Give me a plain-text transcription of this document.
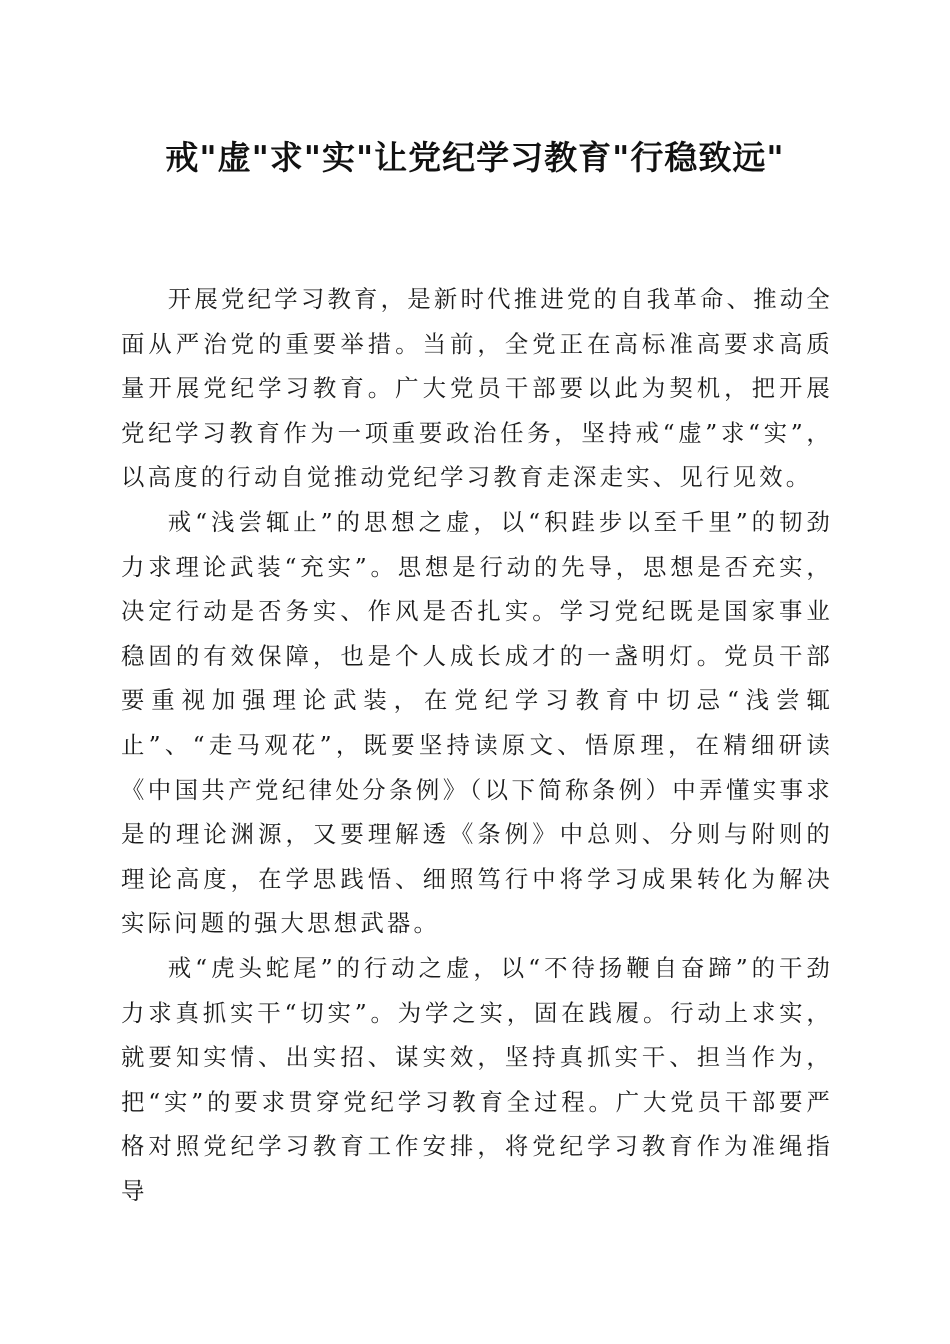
戒"虚"求"实"让党纪学习教育"行稳致远"

开展党纪学习教育，是新时代推进党的自我革命、推动全面从严治党的重要举措。当前，全党正在高标准高要求高质量开展党纪学习教育。广大党员干部要以此为契机，把开展党纪学习教育作为一项重要政治任务，坚持戒“虚”求“实”，以高度的行动自觉推动党纪学习教育走深走实、见行见效。

戒“浅尝辄止”的思想之虚，以“积跬步以至千里”的韧劲力求理论武装“充实”。思想是行动的先导，思想是否充实，决定行动是否务实、作风是否扎实。学习党纪既是国家事业稳固的有效保障，也是个人成长成才的一盏明灯。党员干部要重视加强理论武装，在党纪学习教育中切忌“浅尝辄止”、“走马观花”，既要坚持读原文、悟原理，在精细研读《中国共产党纪律处分条例》（以下简称条例）中弄懂实事求是的理论渊源，又要理解透《条例》中总则、分则与附则的理论高度，在学思践悟、细照笃行中将学习成果转化为解决实际问题的强大思想武器。

戒“虎头蛇尾”的行动之虚，以“不待扬鞭自奋蹄”的干劲力求真抓实干“切实”。为学之实，固在践履。行动上求实，就要知实情、出实招、谋实效，坚持真抓实干、担当作为，把“实”的要求贯穿党纪学习教育全过程。广大党员干部要严格对照党纪学习教育工作安排，将党纪学习教育作为准绳指导
